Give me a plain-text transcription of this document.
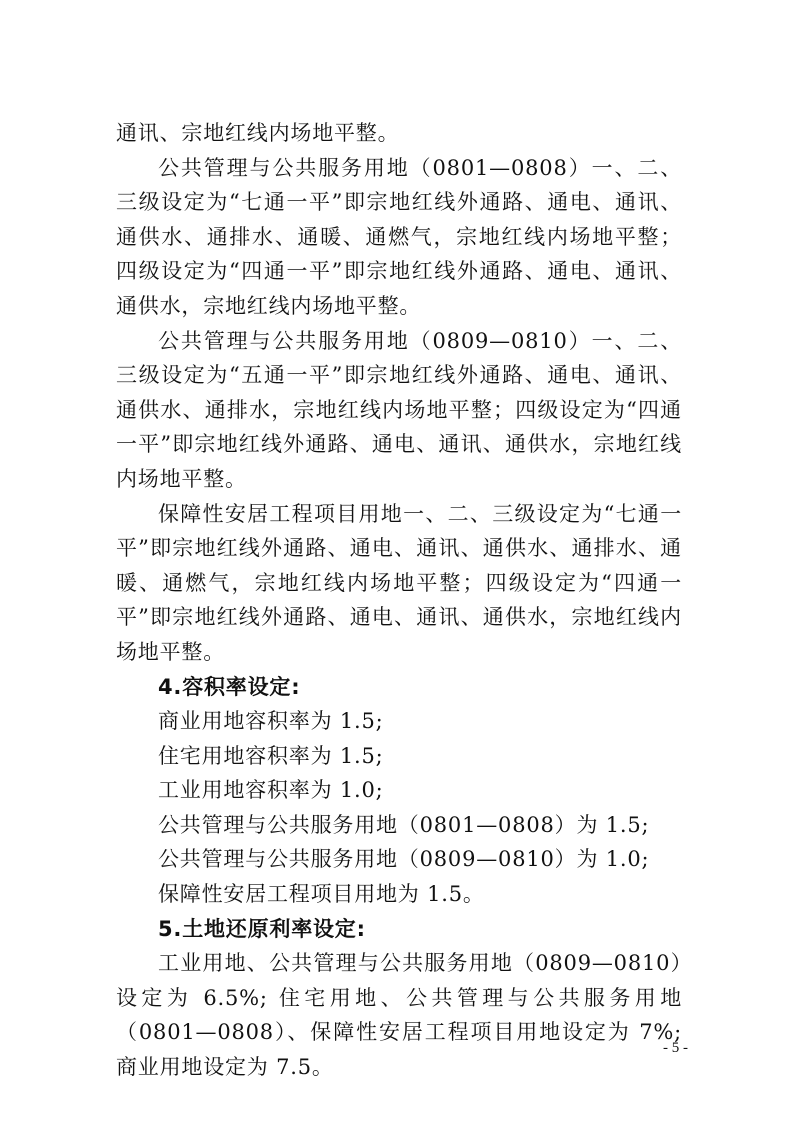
通讯、宗地红线内场地平整。

公共管理与公共服务用地（0801—0808）一、二、三级设定为“七通一平”即宗地红线外通路、通电、通讯、通供水、通排水、通暖、通燃气，宗地红线内场地平整；四级设定为“四通一平”即宗地红线外通路、通电、通讯、通供水，宗地红线内场地平整。

公共管理与公共服务用地（0809—0810）一、二、三级设定为“五通一平”即宗地红线外通路、通电、通讯、通供水、通排水，宗地红线内场地平整；四级设定为“四通一平”即宗地红线外通路、通电、通讯、通供水，宗地红线内场地平整。

保障性安居工程项目用地一、二、三级设定为“七通一平”即宗地红线外通路、通电、通讯、通供水、通排水、通暖、通燃气，宗地红线内场地平整；四级设定为“四通一平”即宗地红线外通路、通电、通讯、通供水，宗地红线内场地平整。

4.容积率设定:

商业用地容积率为 1.5;

住宅用地容积率为 1.5;

工业用地容积率为 1.0;

公共管理与公共服务用地（0801—0808）为 1.5;

公共管理与公共服务用地（0809—0810）为 1.0;

保障性安居工程项目用地为 1.5。

5.土地还原利率设定:

工业用地、公共管理与公共服务用地（0809—0810）设定为 6.5%; 住宅用地、公共管理与公共服务用地（0801—0808）、保障性安居工程项目用地设定为 7%; 商业用地设定为 7.5。

- 5 -
